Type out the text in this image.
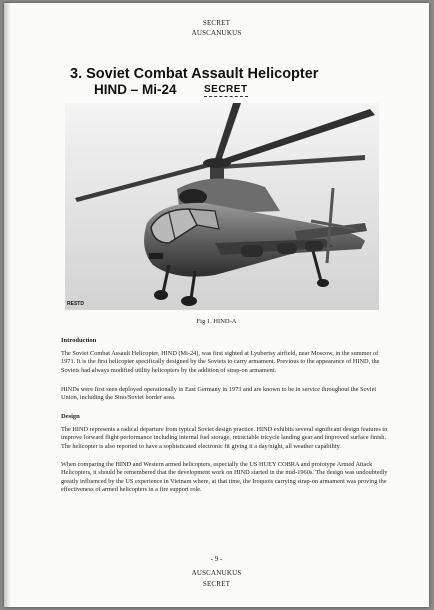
SECRET
AUSCANUKUS
3. Soviet Combat Assault Helicopter
HIND – Mi-24	SECRET
RESTD
Fig 1. HIND-A
Introduction

The Soviet Combat Assault Helicopter, HIND (Mi-24), was first sighted at Lyubertsy airfield, near Moscow, in the summer of 1971. It is the first helicopter specifically designed by the Soviets to carry armament. Previous to the appearance of HIND, the Soviets had always modified utility helicopters by the addition of strap-on armament.

HINDs were first seen deployed operationally in East Germany in 1973 and are known to be in service throughout the Soviet Union, including the Sino/Soviet border area.

Design

The HIND represents a radical departure from typical Soviet design practice. HIND exhibits several significant design features to improve forward flight performance including internal fuel storage, retractable tricycle landing gear and improved surface finish. The helicopter is also reported to have a sophisticated electronic fit giving it a day/night, all weather capability.

When comparing the HIND and Western armed helicopters, especially the US HUEY COBRA and prototype Armed Attack Helicopters, it should be remembered that the development work on HIND started in the mid-1960s. The design was undoubtedly greatly influenced by the US experience in Vietnam where, at that time, the Iroquois carrying strap-on armament was proving the effectiveness of armed helicopters in a fire support role.

- 9 -
AUSCANUKUS
SECRET
